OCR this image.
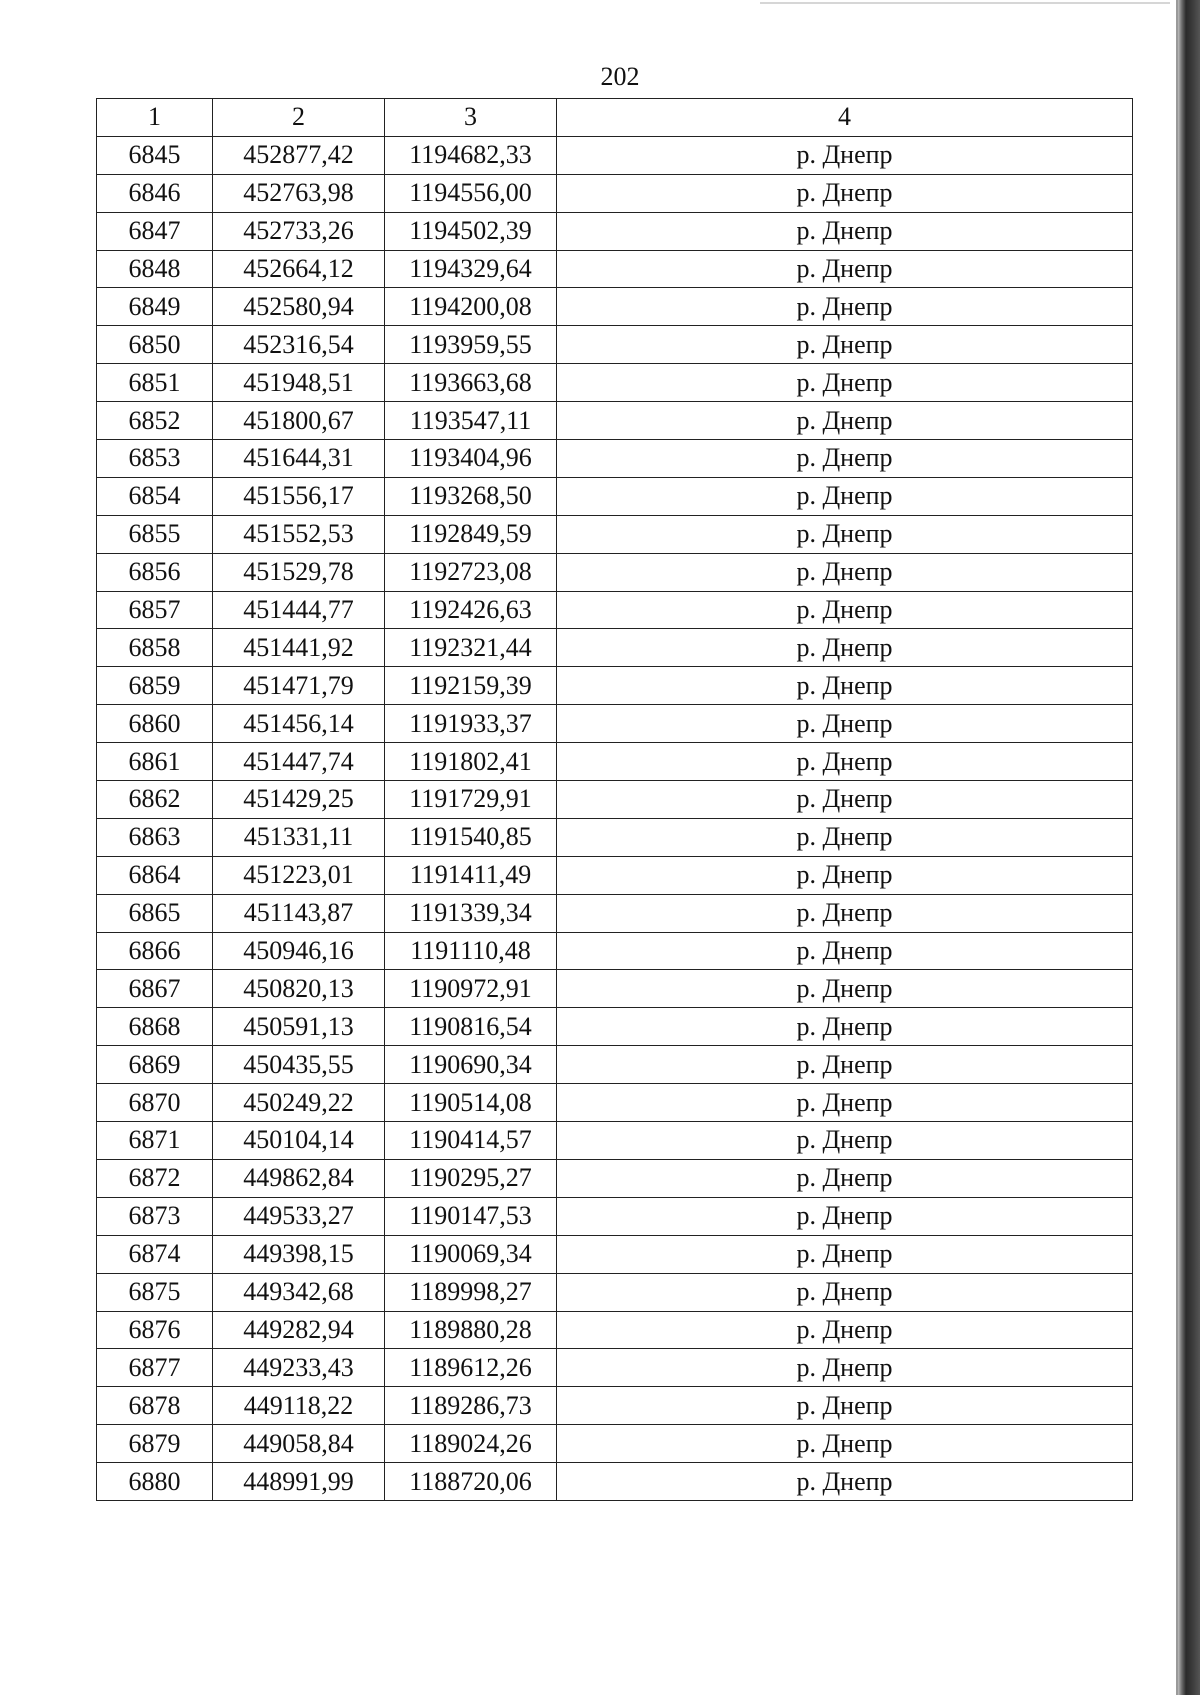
202
1	2	3	4
6845	452877,42	1194682,33	р. Днепр
6846	452763,98	1194556,00	р. Днепр
6847	452733,26	1194502,39	р. Днепр
6848	452664,12	1194329,64	р. Днепр
6849	452580,94	1194200,08	р. Днепр
6850	452316,54	1193959,55	р. Днепр
6851	451948,51	1193663,68	р. Днепр
6852	451800,67	1193547,11	р. Днепр
6853	451644,31	1193404,96	р. Днепр
6854	451556,17	1193268,50	р. Днепр
6855	451552,53	1192849,59	р. Днепр
6856	451529,78	1192723,08	р. Днепр
6857	451444,77	1192426,63	р. Днепр
6858	451441,92	1192321,44	р. Днепр
6859	451471,79	1192159,39	р. Днепр
6860	451456,14	1191933,37	р. Днепр
6861	451447,74	1191802,41	р. Днепр
6862	451429,25	1191729,91	р. Днепр
6863	451331,11	1191540,85	р. Днепр
6864	451223,01	1191411,49	р. Днепр
6865	451143,87	1191339,34	р. Днепр
6866	450946,16	1191110,48	р. Днепр
6867	450820,13	1190972,91	р. Днепр
6868	450591,13	1190816,54	р. Днепр
6869	450435,55	1190690,34	р. Днепр
6870	450249,22	1190514,08	р. Днепр
6871	450104,14	1190414,57	р. Днепр
6872	449862,84	1190295,27	р. Днепр
6873	449533,27	1190147,53	р. Днепр
6874	449398,15	1190069,34	р. Днепр
6875	449342,68	1189998,27	р. Днепр
6876	449282,94	1189880,28	р. Днепр
6877	449233,43	1189612,26	р. Днепр
6878	449118,22	1189286,73	р. Днепр
6879	449058,84	1189024,26	р. Днепр
6880	448991,99	1188720,06	р. Днепр
